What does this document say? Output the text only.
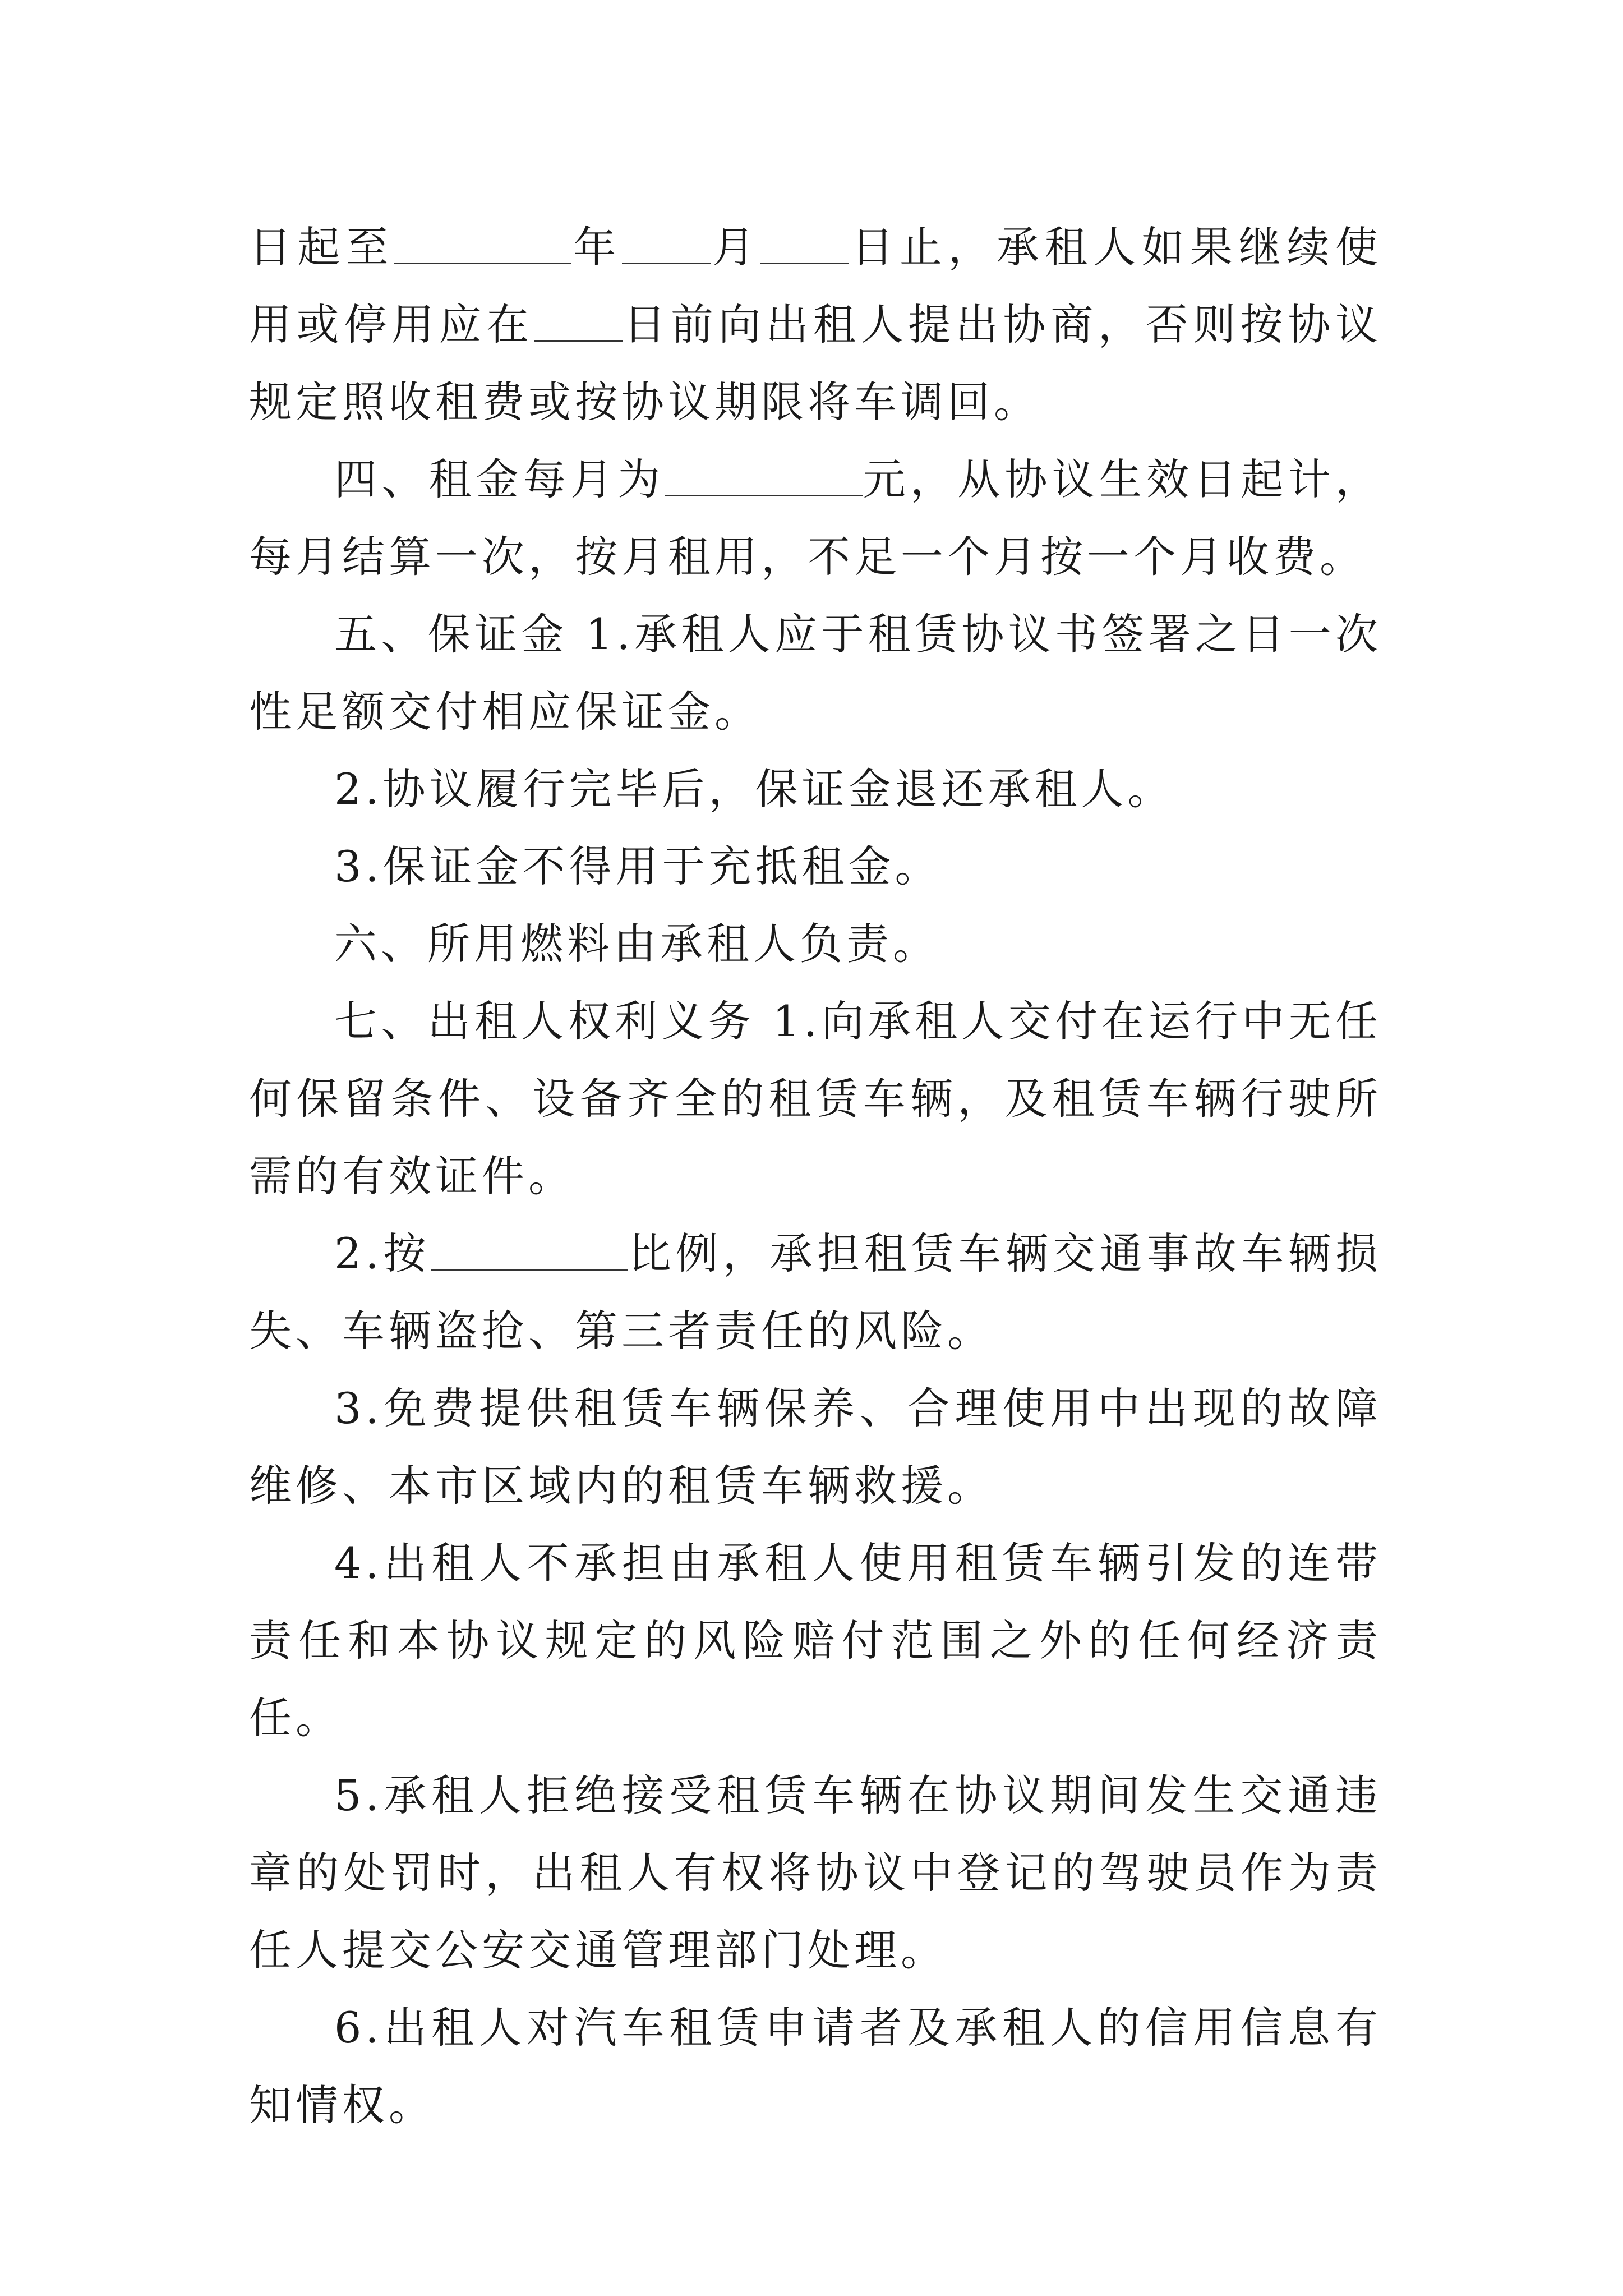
日起至	年 月 日止，承租人如果继续使用或停用应在 日前向出租人提出协商，否则按协议规定照收租费或按协议期限将车调回。

四、租金每月为	元，从协议生效日起计，每月结算一次，按月租用，不足一个月按一个月收费。

五、保证金 1.承租人应于租赁协议书签署之日一次性足额交付相应保证金。

2.协议履行完毕后，保证金退还承租人。

3.保证金不得用于充抵租金。

六、所用燃料由承租人负责。

七、出租人权利义务 1.向承租人交付在运行中无任何保留条件、设备齐全的租赁车辆，及租赁车辆行驶所需的有效证件。

2.按	比例，承担租赁车辆交通事故车辆损失、车辆盗抢、第三者责任的风险。

3.免费提供租赁车辆保养、合理使用中出现的故障维修、本市区域内的租赁车辆救援。

4.出租人不承担由承租人使用租赁车辆引发的连带责任和本协议规定的风险赔付范围之外的任何经济责任。

5.承租人拒绝接受租赁车辆在协议期间发生交通违章的处罚时，出租人有权将协议中登记的驾驶员作为责任人提交公安交通管理部门处理。

6.出租人对汽车租赁申请者及承租人的信用信息有知情权。
